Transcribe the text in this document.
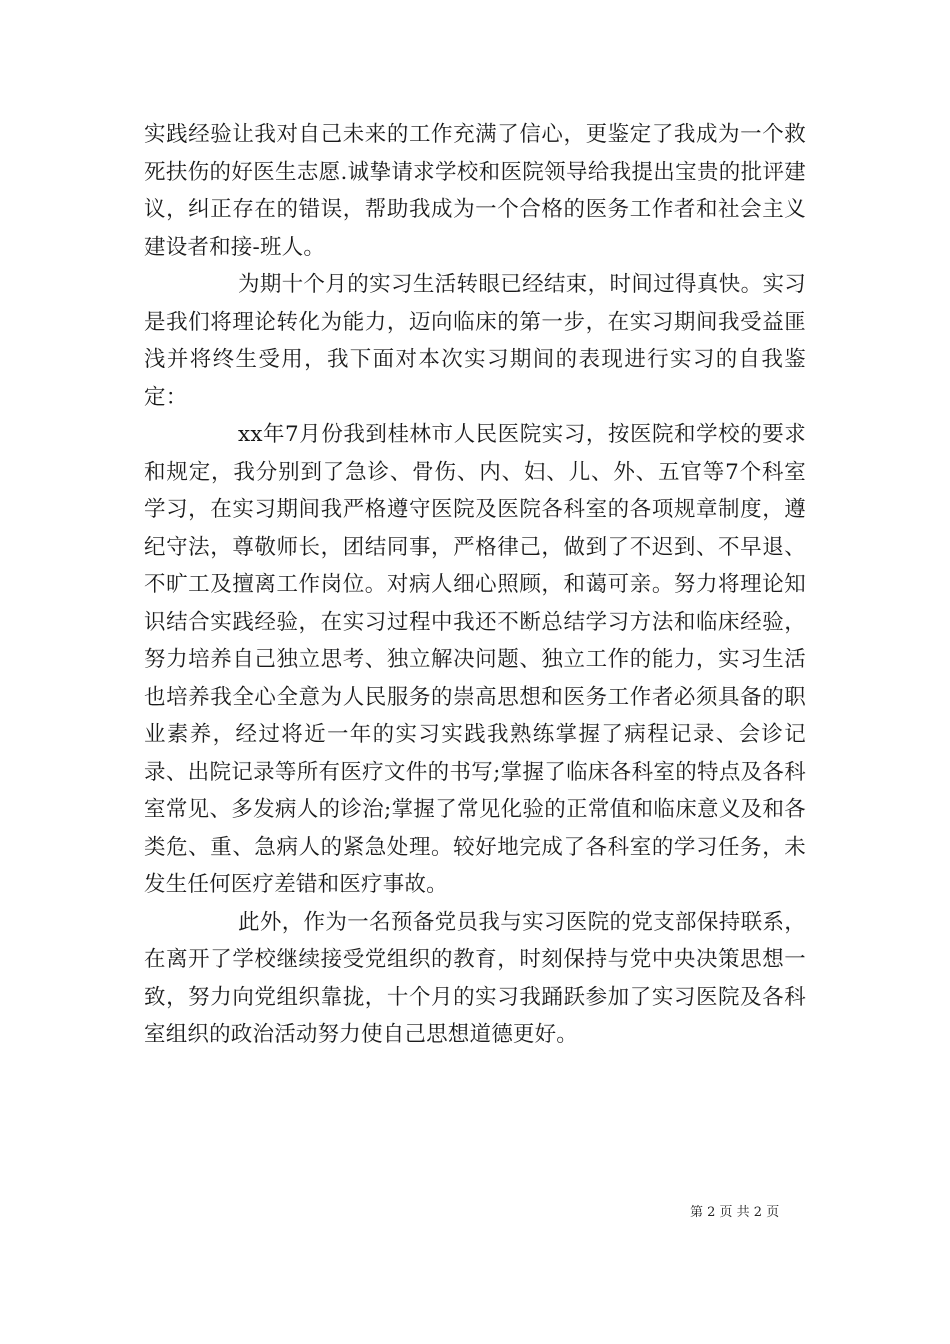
实践经验让我对自己未来的工作充满了信心，更鉴定了我成为一个救死扶伤的好医生志愿.诚挚请求学校和医院领导给我提出宝贵的批评建议，纠正存在的错误，帮助我成为一个合格的医务工作者和社会主义建设者和接-班人。

为期十个月的实习生活转眼已经结束，时间过得真快。实习是我们将理论转化为能力，迈向临床的第一步，在实习期间我受益匪浅并将终生受用，我下面对本次实习期间的表现进行实习的自我鉴定：

xx年7月份我到桂林市人民医院实习，按医院和学校的要求和规定，我分别到了急诊、骨伤、内、妇、儿、外、五官等7个科室学习，在实习期间我严格遵守医院及医院各科室的各项规章制度，遵纪守法，尊敬师长，团结同事，严格律己，做到了不迟到、不早退、不旷工及擅离工作岗位。对病人细心照顾，和蔼可亲。努力将理论知识结合实践经验，在实习过程中我还不断总结学习方法和临床经验，努力培养自己独立思考、独立解决问题、独立工作的能力，实习生活也培养我全心全意为人民服务的崇高思想和医务工作者必须具备的职业素养，经过将近一年的实习实践我熟练掌握了病程记录、会诊记录、出院记录等所有医疗文件的书写;掌握了临床各科室的特点及各科室常见、多发病人的诊治;掌握了常见化验的正常值和临床意义及和各类危、重、急病人的紧急处理。较好地完成了各科室的学习任务，未发生任何医疗差错和医疗事故。

此外，作为一名预备党员我与实习医院的党支部保持联系，在离开了学校继续接受党组织的教育，时刻保持与党中央决策思想一致，努力向党组织靠拢，十个月的实习我踊跃参加了实习医院及各科室组织的政治活动努力使自己思想道德更好。

第 2 页 共 2 页
